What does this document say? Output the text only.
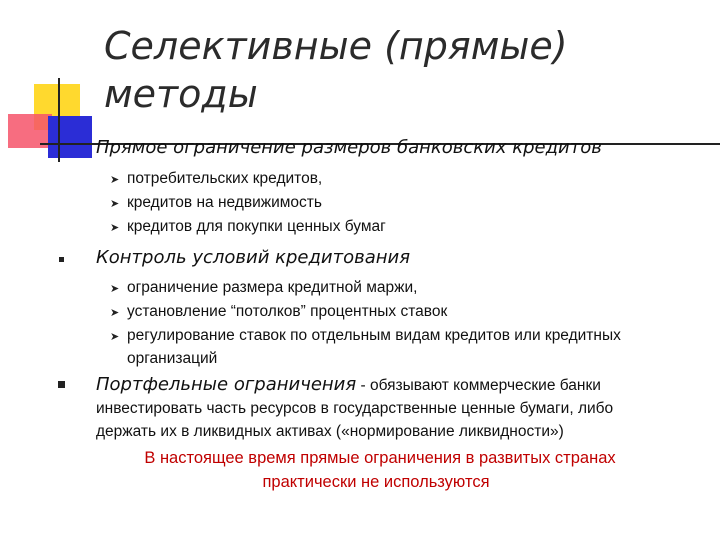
Селективные (прямые)
методы
Прямое ограничение размеров банковских кредитов
➤ потребительских кредитов,
➤ кредитов на недвижимость
➤ кредитов для покупки ценных бумаг
Контроль условий кредитования
➤ ограничение размера кредитной маржи,
➤ установление “потолков” процентных ставок
➤ регулирование ставок по отдельным видам кредитов или кредитных
организаций
Портфельные ограничения - обязывают коммерческие банки
инвестировать часть ресурсов в государственные ценные бумаги, либо
держать их в ликвидных активах («нормирование ликвидности»)
В настоящее время прямые ограничения в развитых странах
практически не используются
